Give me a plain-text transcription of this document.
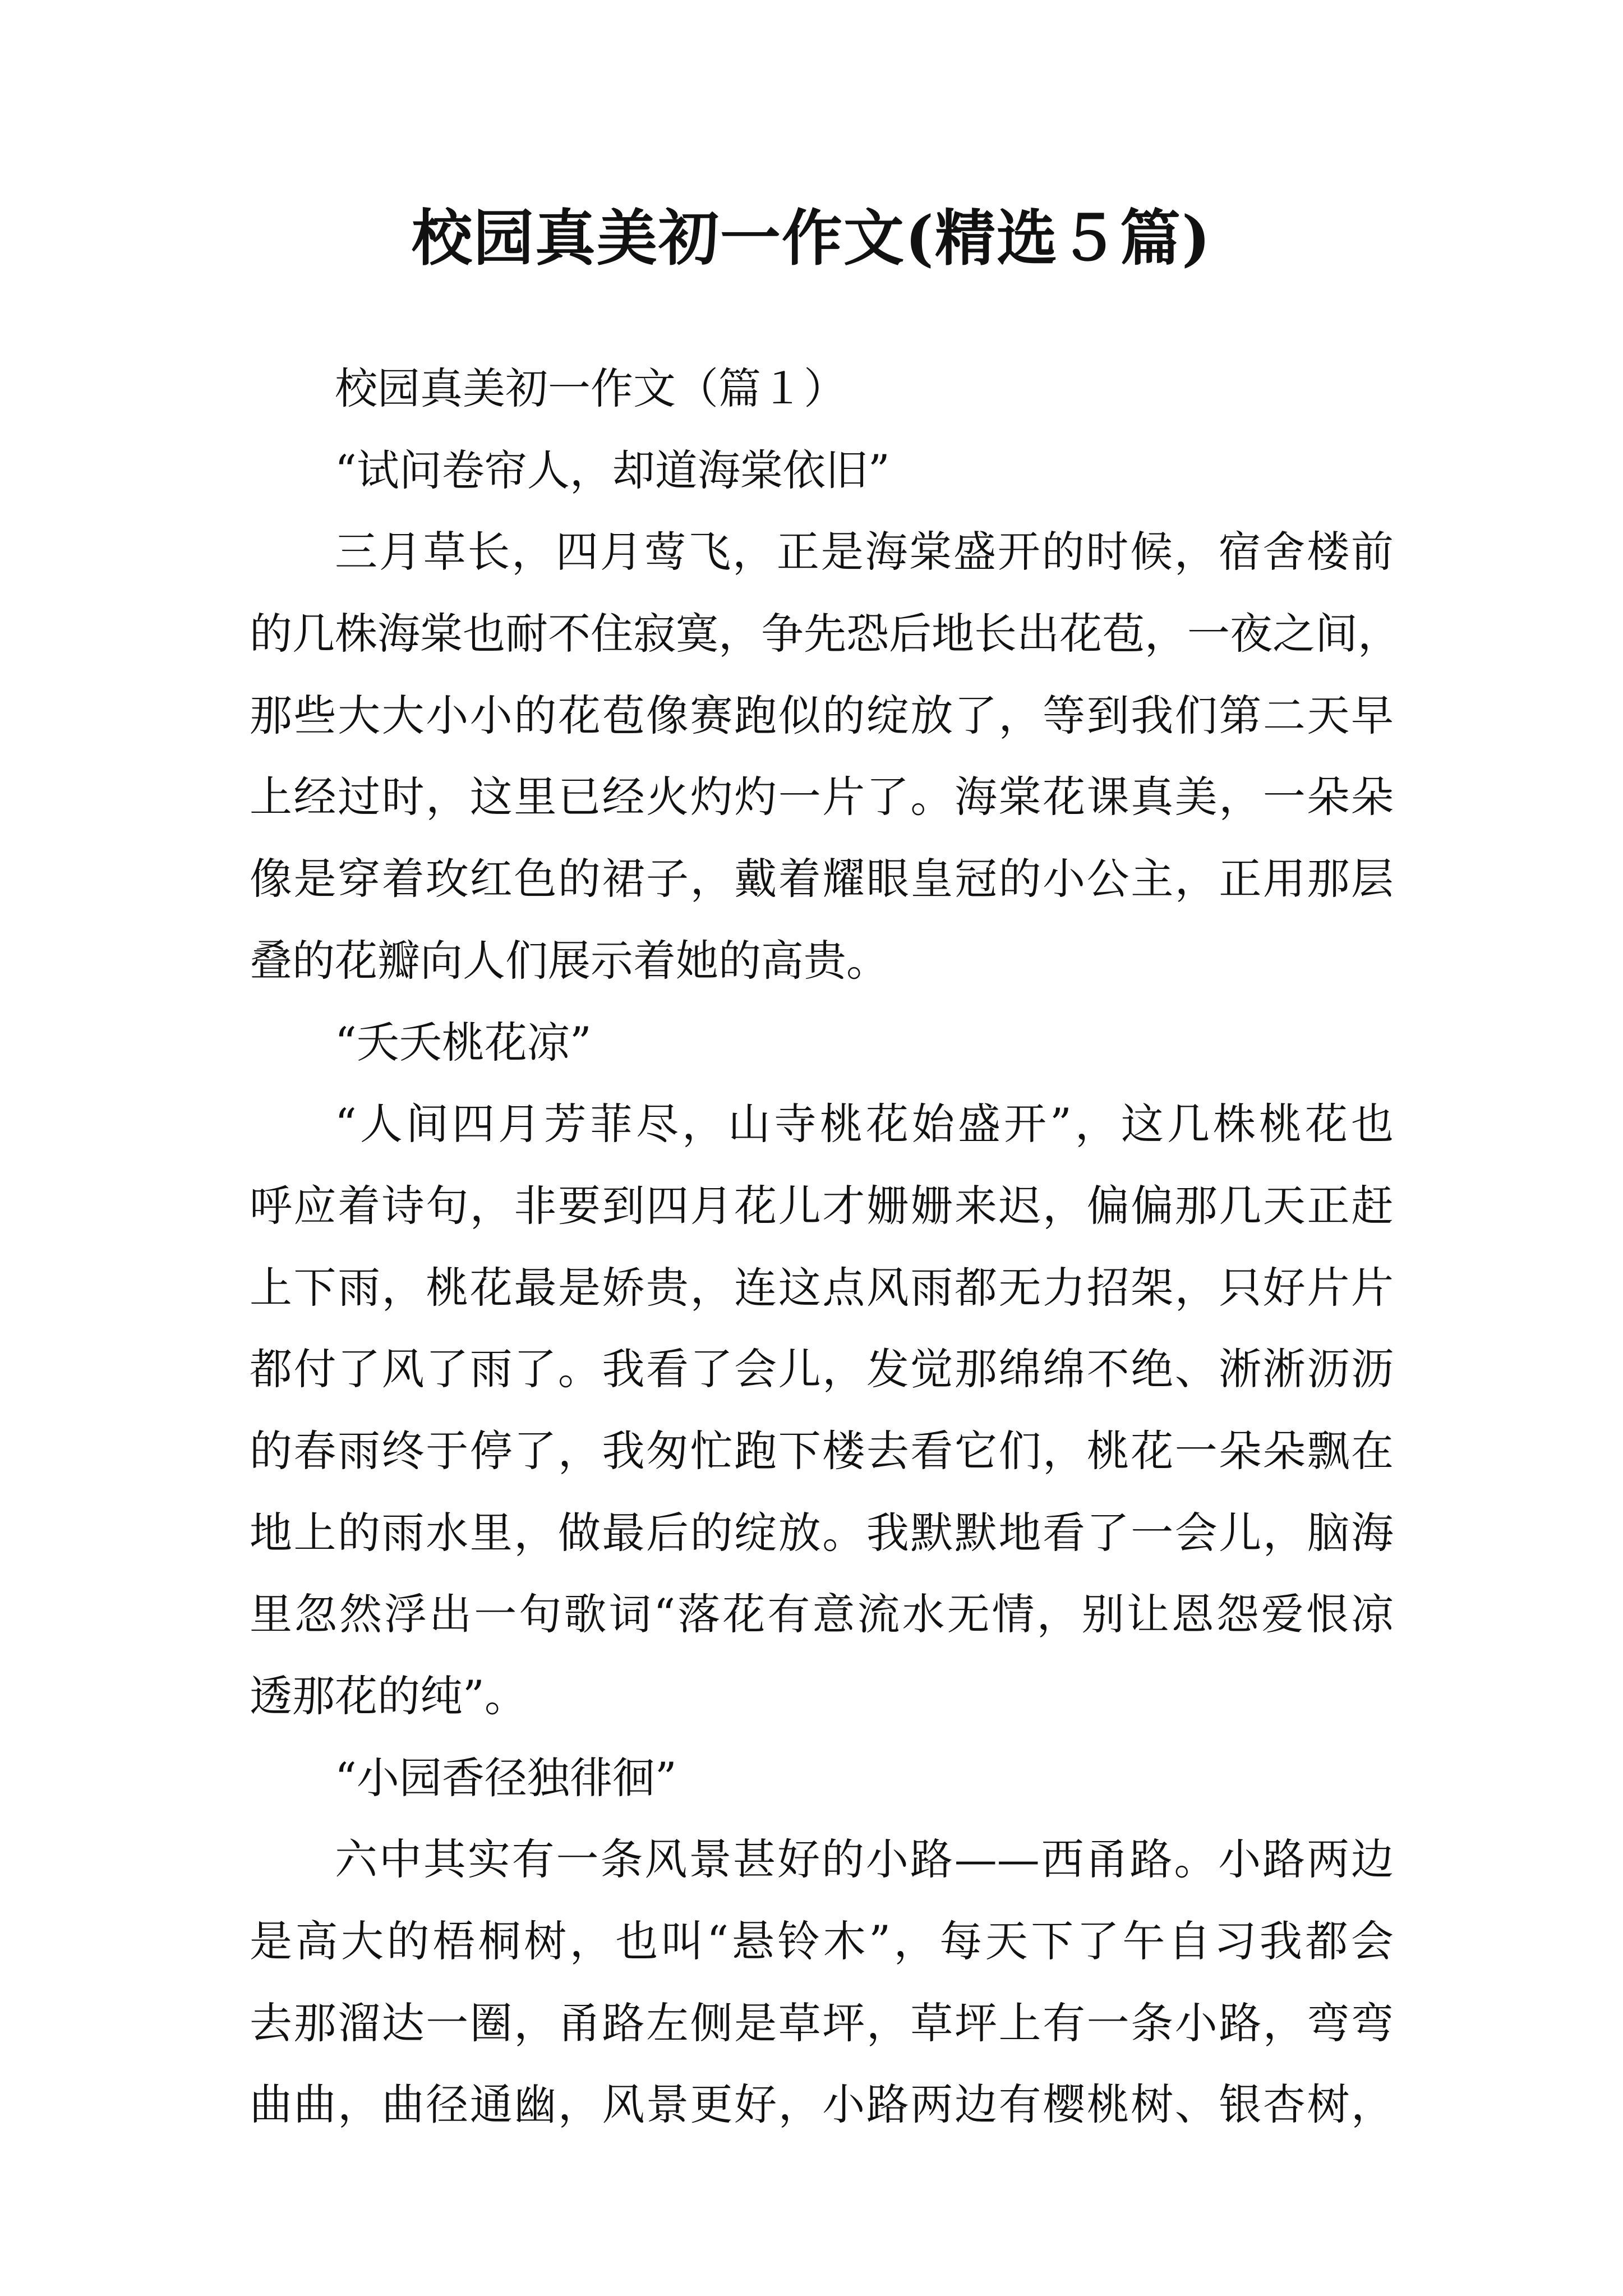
校园真美初一作文(精选５篇)
校园真美初一作文（篇１）
“试问卷帘人，却道海棠依旧”
三月草长，四月莺飞，正是海棠盛开的时候，宿舍楼前
的几株海棠也耐不住寂寞，争先恐后地长出花苞，一夜之间，
那些大大小小的花苞像赛跑似的绽放了，等到我们第二天早
上经过时，这里已经火灼灼一片了。海棠花课真美，一朵朵
像是穿着玫红色的裙子，戴着耀眼皇冠的小公主，正用那层
叠的花瓣向人们展示着她的高贵。
“夭夭桃花凉”
“人间四月芳菲尽，山寺桃花始盛开”，这几株桃花也
呼应着诗句，非要到四月花儿才姗姗来迟，偏偏那几天正赶
上下雨，桃花最是娇贵，连这点风雨都无力招架，只好片片
都付了风了雨了。我看了会儿，发觉那绵绵不绝、淅淅沥沥
的春雨终于停了，我匆忙跑下楼去看它们，桃花一朵朵飘在
地上的雨水里，做最后的绽放。我默默地看了一会儿，脑海
里忽然浮出一句歌词“落花有意流水无情，别让恩怨爱恨凉
透那花的纯”。
“小园香径独徘徊”
六中其实有一条风景甚好的小路——西甬路。小路两边
是高大的梧桐树，也叫“悬铃木”，每天下了午自习我都会
去那溜达一圈，甬路左侧是草坪，草坪上有一条小路，弯弯
曲曲，曲径通幽，风景更好，小路两边有樱桃树、银杏树，
